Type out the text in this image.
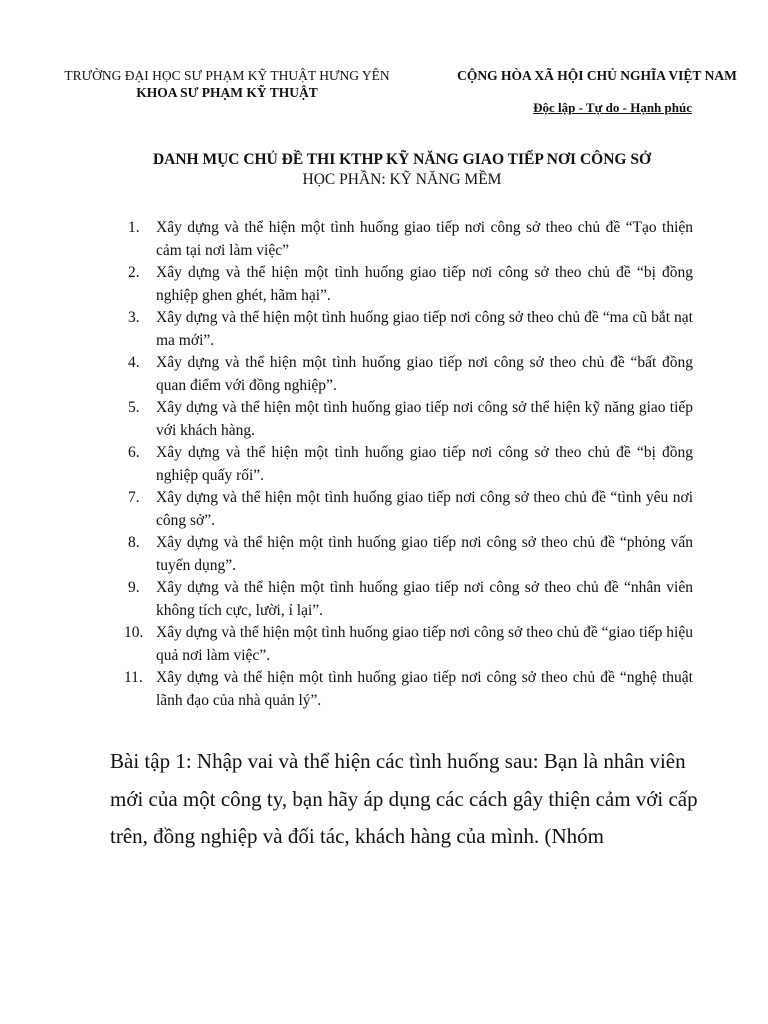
TRƯỜNG ĐẠI HỌC SƯ PHẠM KỸ THUẬT HƯNG YÊN
KHOA SƯ PHẠM KỸ THUẬT
CỘNG HÒA XÃ HỘI CHỦ NGHĨA VIỆT NAM
Độc lập - Tự do - Hạnh phúc
DANH MỤC CHỦ ĐỀ THI KTHP KỸ NĂNG GIAO TIẾP NƠI CÔNG SỞ
HỌC PHẦN: KỸ NĂNG MỀM
1.	Xây dựng và thể hiện một tình huống giao tiếp nơi công sở theo chủ đề “Tạo thiện cảm tại nơi làm việc”
2.	Xây dựng và thể hiện một tình huống giao tiếp nơi công sở theo chủ đề “bị đồng nghiệp ghen ghét, hãm hại”.
3.	Xây dựng và thể hiện một tình huống giao tiếp nơi công sở theo chủ đề “ma cũ bắt nạt ma mới”.
4.	Xây dựng và thể hiện một tình huống giao tiếp nơi công sở theo chủ đề “bất đồng quan điểm với đồng nghiệp”.
5.	Xây dựng và thể hiện một tình huống giao tiếp nơi công sở thể hiện kỹ năng giao tiếp với khách hàng.
6.	Xây dựng và thể hiện một tình huống giao tiếp nơi công sở theo chủ đề “bị đồng nghiệp quấy rối”.
7.	Xây dựng và thể hiện một tình huống giao tiếp nơi công sở theo chủ đề “tình yêu nơi công sở”.
8.	Xây dựng và thể hiện một tình huống giao tiếp nơi công sở theo chủ đề “phỏng vấn tuyển dụng”.
9.	Xây dựng và thể hiện một tình huống giao tiếp nơi công sở theo chủ đề “nhân viên không tích cực, lười, ỉ lại”.
10. Xây dựng và thể hiện một tình huống giao tiếp nơi công sở theo chủ đề “giao tiếp hiệu quả nơi làm việc”.
11. Xây dựng và thể hiện một tình huống giao tiếp nơi công sở theo chủ đề “nghệ thuật lãnh đạo của nhà quản lý”.
Bài tập 1: Nhập vai và thể hiện các tình huống sau: Bạn là nhân viên mới của một công ty, bạn hãy áp dụng các cách gây thiện cảm với cấp trên, đồng nghiệp và đối tác, khách hàng của mình. (Nhóm
